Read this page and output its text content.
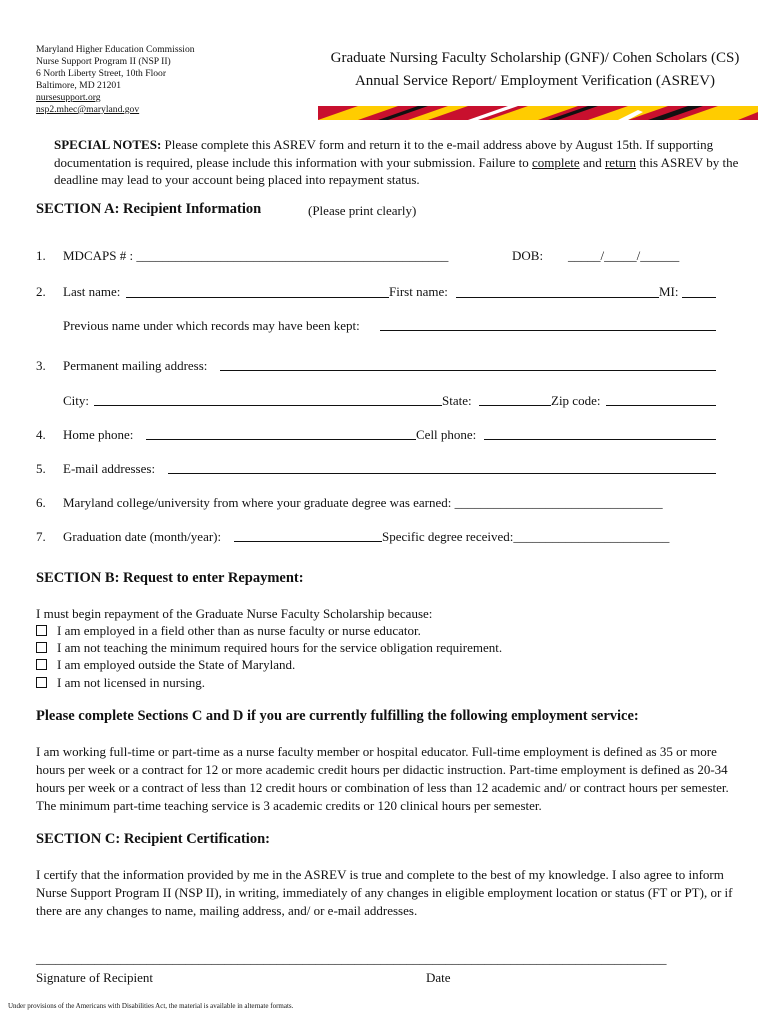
Maryland Higher Education Commission
Nurse Support Program II (NSP II)
6 North Liberty Street, 10th Floor
Baltimore, MD 21201
nursesupport.org
nsp2.mhec@maryland.gov
Graduate Nursing Faculty Scholarship (GNF)/ Cohen Scholars (CS)
Annual Service Report/ Employment Verification (ASREV)
SPECIAL NOTES: Please complete this ASREV form and return it to the e-mail address above by August 15th. If supporting documentation is required, please include this information with your submission. Failure to complete and return this ASREV by the deadline may lead to your account being placed into repayment status.
SECTION A: Recipient Information	(Please print clearly)
1. MDCAPS # : ________________________________________________	DOB: _____/_____/______
2. Last name:	First name:	MI:
Previous name under which records may have been kept:
3. Permanent mailing address:
City:	State:	Zip code:
4. Home phone:	Cell phone:
5. E-mail addresses:
6. Maryland college/university from where your graduate degree was earned: ________________________________
7. Graduation date (month/year):	Specific degree received:________________________
SECTION B: Request to enter Repayment:
I must begin repayment of the Graduate Nurse Faculty Scholarship because:
I am employed in a field other than as nurse faculty or nurse educator.
I am not teaching the minimum required hours for the service obligation requirement.
I am employed outside the State of Maryland.
I am not licensed in nursing.
Please complete Sections C and D if you are currently fulfilling the following employment service:
I am working full-time or part-time as a nurse faculty member or hospital educator. Full-time employment is defined as 35 or more hours per week or a contract for 12 or more academic credit hours per didactic instruction. Part-time employment is defined as 20-34 hours per week or a contract of less than 12 credit hours or combination of less than 12 academic and/ or contract hours per semester. The minimum part-time teaching service is 3 academic credits or 120 clinical hours per semester.
SECTION C: Recipient Certification:
I certify that the information provided by me in the ASREV is true and complete to the best of my knowledge. I also agree to inform Nurse Support Program II (NSP II), in writing, immediately of any changes in eligible employment location or status (FT or PT), or if there are any changes to name, mailing address, and/ or e-mail addresses.
_________________________________________________________________________________________________
Signature of Recipient	Date
Under provisions of the Americans with Disabilities Act, the material is available in alternate formats.
